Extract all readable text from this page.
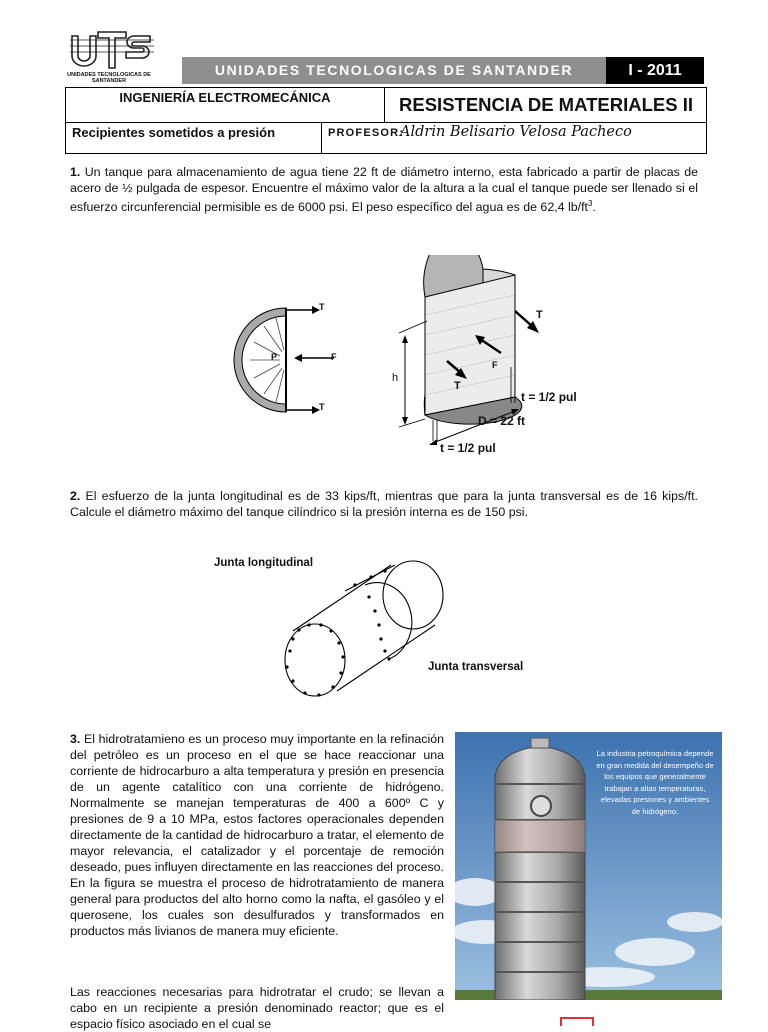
UNIDADES TECNOLOGICAS DE SANTANDER
UNIDADES TECNOLOGICAS DE SANTANDER	I - 2011
INGENIERÍA ELECTROMECÁNICA	RESISTENCIA DE MATERIALES II
Recipientes sometidos a presión	PROFESOR:
Aldrin Belisario Velosa Pacheco
1. Un tanque para almacenamiento de agua tiene 22 ft de diámetro interno, esta fabricado a partir de placas de acero de ½ pulgada de espesor. Encuentre el máximo valor de la altura a la cual el tanque puede ser llenado si el esfuerzo circunferencial permisible es de 6000 psi. El peso específico del agua es de 62,4 $lb/ft^3$.
T
T
P	F
T
T
F
h
t = 1/2 pul
D = 22 ft
t = 1/2 pul
2. El esfuerzo de la junta longitudinal es de 33 kips/ft, mientras que para la junta transversal es de 16 kips/ft. Calcule el diámetro máximo del tanque cilíndrico si la presión interna es de 150 psi.
Junta longitudinal
Junta transversal
3. El hidrotratamieno es un proceso muy importante en la refinación del petróleo es un proceso en el que se hace reaccionar una corriente de hidrocarburo a alta temperatura y presión en presencia de un agente catalítico con una corriente de hidrógeno. Normalmente se manejan temperaturas de 400 a 600º C y presiones de 9 a 10 MPa, estos factores operacionales dependen directamente de la cantidad de hidrocarburo a tratar, el elemento de mayor relevancia, el catalizador y el porcentaje de remoción deseado, pues influyen directamente en las reacciones del proceso. En la figura se muestra el proceso de hidrotratamiento de manera general para productos del alto horno como la nafta, el gasóleo y el querosene, los cuales son desulfurados y transformados en productos más livianos de manera muy eficiente.
Las reacciones necesarias para hidrotratar el crudo; se llevan a cabo en un recipiente a presión denominado reactor; que es el espacio físico asociado en el cual se
La industria petroquímica depende en gran medida del desempeño de los equipos que generalmente trabajan a altas temperaturas, elevadas presiones y ambientes de hidrógeno.
